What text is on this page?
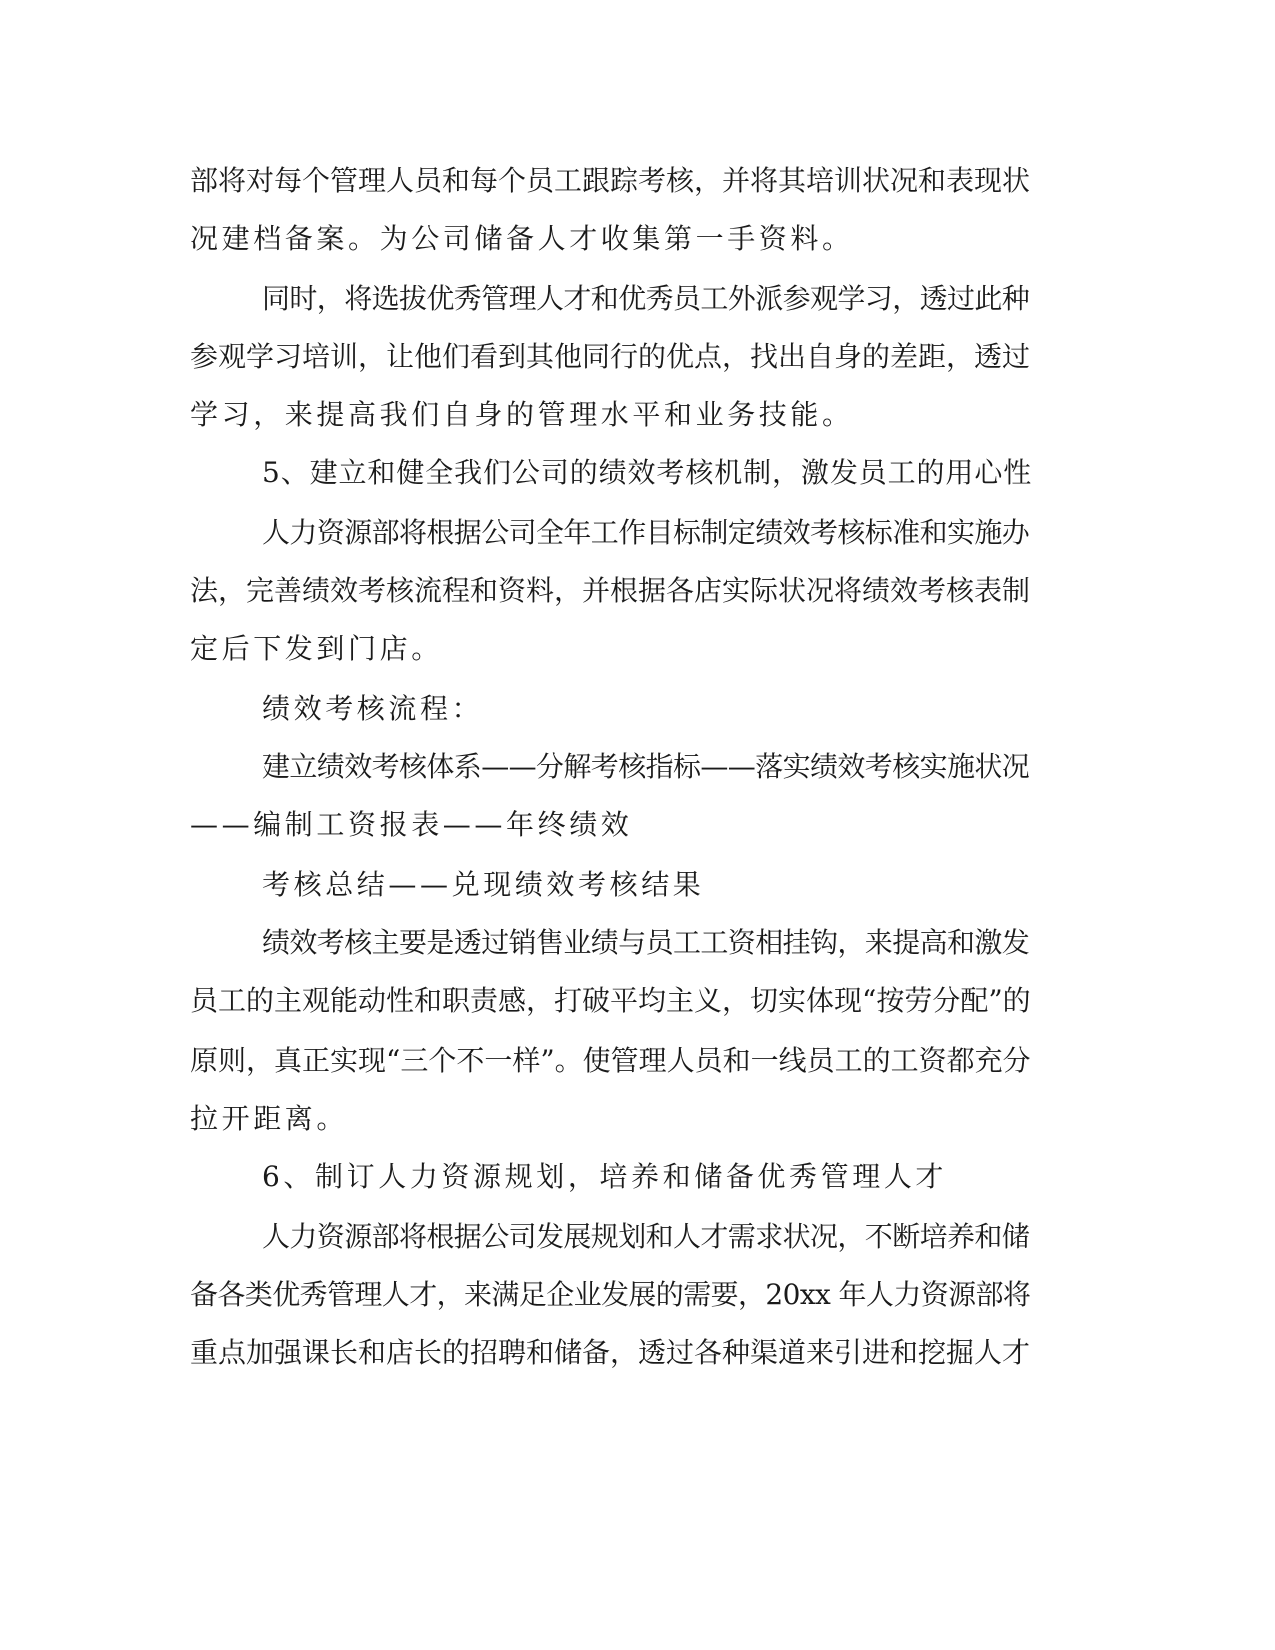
部将对每个管理人员和每个员工跟踪考核，并将其培训状况和表现状
况建档备案。为公司储备人才收集第一手资料。
同时，将选拔优秀管理人才和优秀员工外派参观学习，透过此种
参观学习培训，让他们看到其他同行的优点，找出自身的差距，透过
学习，来提高我们自身的管理水平和业务技能。
5、建立和健全我们公司的绩效考核机制，激发员工的用心性
人力资源部将根据公司全年工作目标制定绩效考核标准和实施办
法，完善绩效考核流程和资料，并根据各店实际状况将绩效考核表制
定后下发到门店。
绩效考核流程：
建立绩效考核体系——分解考核指标——落实绩效考核实施状况
——编制工资报表——年终绩效
考核总结——兑现绩效考核结果
绩效考核主要是透过销售业绩与员工工资相挂钩，来提高和激发
员工的主观能动性和职责感，打破平均主义，切实体现“按劳分配”的
原则，真正实现“三个不一样”。使管理人员和一线员工的工资都充分
拉开距离。
6、制订人力资源规划，培养和储备优秀管理人才
人力资源部将根据公司发展规划和人才需求状况，不断培养和储
备各类优秀管理人才，来满足企业发展的需要，20xx 年人力资源部将
重点加强课长和店长的招聘和储备，透过各种渠道来引进和挖掘人才
